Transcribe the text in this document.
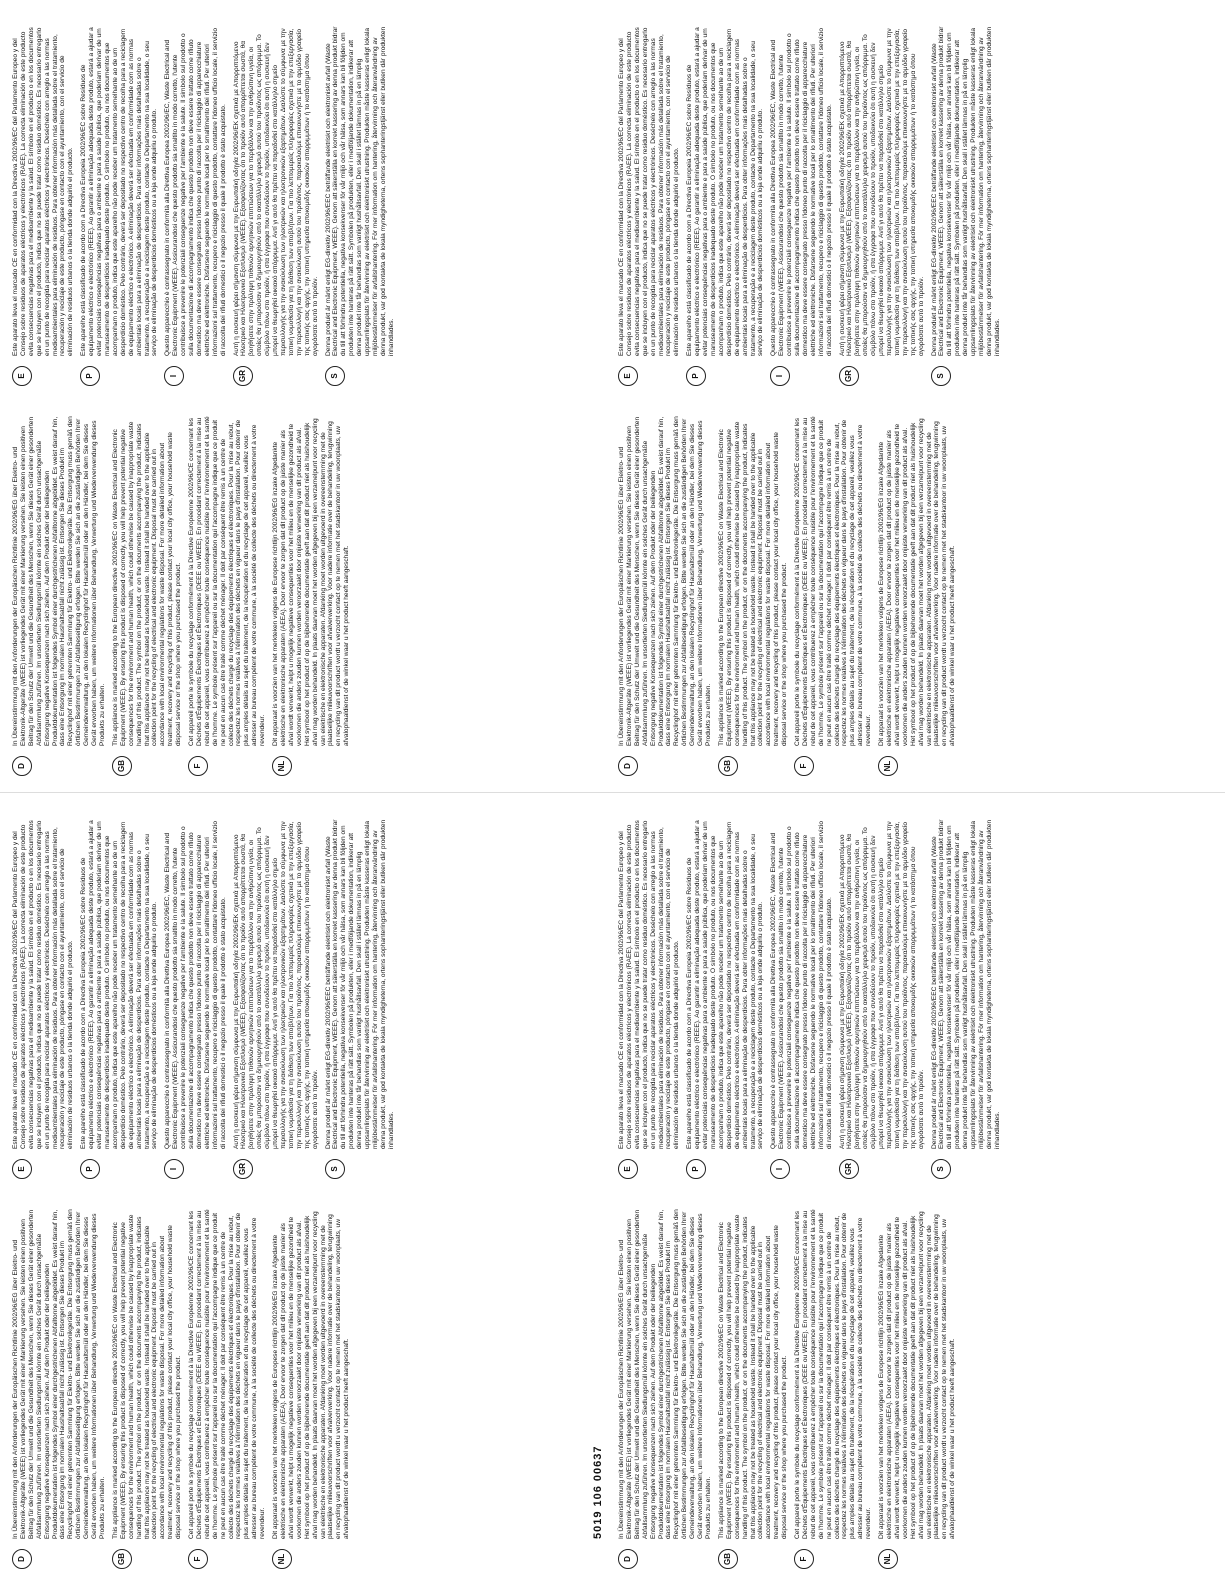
D

In Übereinstimmung mit den Anforderungen der Europäischen Richtlinie 2002/96/EG über Elektro- und Elektronik-Altgeräte (WEEE) ist vorliegendes Gerät mit einer Markierung versehen. Sie leisten einen positiven Beitrag für den Schutz der Umwelt und die Gesundheit des Menschen, wenn Sie dieses Gerät einer gesonderten Abfallsammlung zuführen. Im unsortierten Siedlungsmüll könnte ein solches Gerät durch unsachgemäße Entsorgung negative Konsequenzen nach sich ziehen. Auf dem Produkt oder der beiliegenden Produktdokumentation ist folgendes Symbol einer durchgestrichenen Abfalltonne abgebildet. Es weist darauf hin, dass eine Entsorgung im normalen Haushaltsabfall nicht zulässig ist. Entsorgen Sie dieses Produkt im Recyclinghof mit einer getrennten Sammlung für Elektro- und Elektronikgeräte. Die Entsorgung muss gemäß den örtlichen Bestimmungen zur Abfallbeseitigung erfolgen. Bitte werden Sie sich an die zuständigen Behörden Ihrer Gemeindeverwaltung, an den lokalen Recyclinghof für Haushaltsmüll oder an den Händler, bei dem Sie dieses Gerät erworben haben, um weitere Informationen über Behandlung, Verwertung und Wiederverwendung dieses Produkts zu erhalten.

GB

This appliance is marked according to the European directive 2002/96/EC on Waste Electrical and Electronic Equipment (WEEE). By ensuring this product is disposed of correctly, you will help prevent potential negative consequences for the environment and human health, which could otherwise be caused by inappropriate waste handling of this product. The symbol on the product, or on the documents accompanying the product, indicates that this appliance may not be treated as household waste. Instead it shall be handed over to the applicable collection point for the recycling of electrical and electronic equipment. Disposal must be carried out in accordance with local environmental regulations for waste disposal. For more detailed information about treatment, recovery and recycling of this product, please contact your local city office, your household waste disposal service or the shop where you purchased the product.

F

Cet appareil porte le symbole du recyclage conformément à la Directive Européenne 2002/96/CE concernant les Déchets d'Équipements Électriques et Électroniques (DEEE ou WEEE). En procédant correctement à la mise au rebut de cet appareil, vous contribuerez à empêcher toute conséquence nuisible pour l'environnement et la santé de l'homme. Le symbole présent sur l'appareil ou sur la documentation qui l'accompagne indique que ce produit ne peut en aucun cas être traité comme déchet ménager. Il doit par conséquent être remis à un centre de collecte des déchets chargé du recyclage des équipements électriques et électroniques. Pour la mise au rebut, respectez les normes relatives à l'élimination des déchets en vigueur dans le pays d'installation. Pour obtenir de plus amples détails au sujet du traitement, de la récupération et du recyclage de cet appareil, veuillez vous adresser au bureau compétent de votre commune, à la société de collecte des déchets ou directement à votre revendeur.

NL

Dit apparaat is voorzien van het merkteken volgens de Europese richtlijn 2002/96/EG inzake Afgedankte elektrische en elektronische apparaten (AEEA). Door ervoor te zorgen dat dit product op de juiste manier als afval wordt verwerkt, helpt u mogelijk negatieve consequenties voor het milieu en de menselijke gezondheid te voorkomen die anders zouden kunnen worden veroorzaakt door onjuiste verwerking van dit product als afval. Het symbool op het product of op de bijbehorende documentatie geeft aan dat dit product niet als huishoudelijk afval mag worden behandeld. In plaats daarvan moet het worden afgegeven bij een verzamelpunt voor recycling van elektrische en elektronische apparaten. Afdanking moet worden uitgevoerd in overeenstemming met de plaatselijke milieuvoorschriften voor afvalverwerking. Voor nadere informatie over de behandeling, terugwinning en recycling van dit product wordt u verzocht contact op te nemen met het stadskantoor in uw woonplaats, uw afvalophaaldienst of de winkel waar u het product heeft aangeschaft.

E

Este aparato lleva el marcado CE en conformidad con la Directiva 2002/96/EC del Parlamento Europeo y del Consejo sobre residuos de aparatos eléctricos y electrónicos (RAEE). La correcta eliminación de este producto evita consecuencias negativas para el medioambiente y la salud. El símbolo en el producto o en los documentos que se incluyen con el producto, indica que no se puede tratar como residuo doméstico. Es necesario entregarlo en un punto de recogida para reciclar aparatos eléctricos y electrónicos. Deséchelo con arreglo a las normas medioambientales para eliminación de residuos. Para obtener información más detallada sobre el tratamiento, recuperación y reciclaje de este producto, póngase en contacto con el ayuntamiento, con el servicio de eliminación de residuos urbanos o la tienda donde adquirió el producto.

P

Este aparelho está classificado de acordo com a Directiva Europeia 2002/96/EC sobre Resíduos de equipamento eléctrico e electrónico (REEE). Ao garantir a eliminação adequada deste produto, estará a ajudar a evitar potenciais consequências negativas para o ambiente e para a saúde pública, que poderiam derivar de um manuseamento de desperdícios inadequado deste produto. O símbolo no produto, ou nos documentos que acompanham o produto, indica que este aparelho não pode receber um tratamento semelhante ao de um desperdício doméstico. Pelo contrário, deverá ser depositado no respectivo centro de recolha para a reciclagem de equipamento eléctrico e electrónico. A eliminação deverá ser efectuada em conformidade com as normas ambientais locais para a eliminação de desperdícios. Para obter informações mais detalhadas sobre o tratamento, a recuperação e a reciclagem deste produto, contacte o Departamento na sua localidade, o seu serviço de eliminação de desperdícios domésticos ou a loja onde adquiriu o produto.

I

Questo apparecchio è contrassegnato in conformità alla Direttiva Europea 2002/96/EC, Waste Electrical and Electronic Equipment (WEEE). Assicurandosi che questo prodotto sia smaltito in modo corretto, l'utente contribuisce a prevenire le potenziali conseguenze negative per l'ambiente e la salute. Il simbolo sul prodotto o sulla documentazione di accompagnamento indica che questo prodotto non deve essere trattato come rifiuto domestico ma deve essere consegnato presso l'idoneo punto di raccolta per il riciclaggio di apparecchiature elettriche ed elettroniche. Disfarsene seguendo le normative locali per lo smaltimento dei rifiuti. Per ulteriori informazioni sul trattamento, recupero e riciclaggio di questo prodotto, contattare l'idoneo ufficio locale, il servizio di raccolta dei rifiuti domestici o il negozio presso il quale il prodotto è stato acquistato.

GR

Αυτή η συσκευή φέρει σήμανση σύμφωνα με την Ευρωπαϊκή οδηγία 2002/96/ΕΚ σχετικά με Απορριπτόμενο Ηλεκτρικό και Ηλεκτρονικό Εξοπλισμό (WEEE). Εξασφαλίζοντας ότι το προϊόν αυτό απορρίπτεται σωστά, θα βοηθήσετε στην πρόληψη πιθανών αρνητικών επιπτώσεων για το περιβάλλον και την ανθρώπινη υγεία, οι οποίες θα μπορούσαν να δημιουργηθούν από το ακατάλληλο χειρισμό αυτού του προϊόντος ως απόρριμμα. Το σύμβολο πάνω στο προϊόν, ή στα έγγραφα που συνοδεύουν το προϊόν, υποδεικνύει ότι αυτή η συσκευή δεν μπορεί να θεωρηθεί οικιακό απόρριμμα. Αντί γι αυτό θα πρέπει να παραδοθεί στο κατάλληλο σημείο περισυλλογής για την ανακύκλωση των ηλεκτρικών και ηλεκτρονικών εξαρτημάτων. Διαλύστε το σύμφωνα με την τοπική νομοθεσία για τη διάθεση των αποβλήτων. Για πιο λεπτομερείς πληροφορίες σχετικά με την επεξεργασία, την περισυλλογή και την ανακύκλωση αυτού του προϊόντος, παρακαλούμε επικοινωνήστε με το αρμόδιο γραφείο της τοπικής σας αρχής, την τοπική υπηρεσία αποκομιδής οικιακών απορριμμάτων ή το κατάστημα όπου αγοράσατε αυτό το προϊόν.

S

Denna produkt är märkt enligt EG-direktiv 2002/96/EEC beträffande elektriskt och elektroniskt avfall (Waste Electrical and Electronic Equipment, WEEE). Genom att säkerställa en korrekt kassering av denna produkt bidrar du till att förhindra potentiella, negativa konsekvenser för vår miljö och vår hälsa, som annars kan bli följden om produkten inte hanteras på rätt sätt. Symbolen på produkten, eller i medföljande dokumentation, indikerar att denna produkt inte får behandlas som vanligt hushållsavfall. Den skall i stället lämnas in på en lämplig uppsamlingsplats för återvinning av elektriskt och elektroniskt utrustning. Produkten måste kasseras enligt lokala miljöbestämmelser för avfallshantering. För mer information om hantering, återvinning och återanvändning av denna produkt, var god kontakta de lokala myndigheterna, ortens sophanteringstjänst eller butiken där produkten inhandlades.

D

In Übereinstimmung mit den Anforderungen der Europäischen Richtlinie 2002/96/EG über Elektro- und Elektronik-Altgeräte (WEEE) ist vorliegendes Gerät mit einer Markierung versehen. Sie leisten einen positiven Beitrag für den Schutz der Umwelt und die Gesundheit des Menschen, wenn Sie dieses Gerät einer gesonderten Abfallsammlung zuführen. Im unsortierten Siedlungsmüll könnte ein solches Gerät durch unsachgemäße Entsorgung negative Konsequenzen nach sich ziehen. Auf dem Produkt oder der beiliegenden Produktdokumentation ist folgendes Symbol einer durchgestrichenen Abfalltonne abgebildet. Es weist darauf hin, dass eine Entsorgung im normalen Haushaltsabfall nicht zulässig ist. Entsorgen Sie dieses Produkt im Recyclinghof mit einer getrennten Sammlung für Elektro- und Elektronikgeräte. Die Entsorgung muss gemäß den örtlichen Bestimmungen zur Abfallbeseitigung erfolgen. Bitte werden Sie sich an die zuständigen Behörden Ihrer Gemeindeverwaltung, an den lokalen Recyclinghof für Haushaltsmüll oder an den Händler, bei dem Sie dieses Gerät erworben haben, um weitere Informationen über Behandlung, Verwertung und Wiederverwendung dieses Produkts zu erhalten.

GB

This appliance is marked according to the European directive 2002/96/EC on Waste Electrical and Electronic Equipment (WEEE). By ensuring this product is disposed of correctly, you will help prevent potential negative consequences for the environment and human health, which could otherwise be caused by inappropriate waste handling of this product. The symbol on the product, or on the documents accompanying the product, indicates that this appliance may not be treated as household waste. Instead it shall be handed over to the applicable collection point for the recycling of electrical and electronic equipment. Disposal must be carried out in accordance with local environmental regulations for waste disposal. For more detailed information about treatment, recovery and recycling of this product, please contact your local city office, your household waste disposal service or the shop where you purchased the product.

F

Cet appareil porte le symbole du recyclage conformément à la Directive Européenne 2002/96/CE concernant les Déchets d'Équipements Électriques et Électroniques (DEEE ou WEEE). En procédant correctement à la mise au rebut de cet appareil, vous contribuerez à empêcher toute conséquence nuisible pour l'environnement et la santé de l'homme. Le symbole présent sur l'appareil ou sur la documentation qui l'accompagne indique que ce produit ne peut en aucun cas être traité comme déchet ménager. Il doit par conséquent être remis à un centre de collecte des déchets chargé du recyclage des équipements électriques et électroniques. Pour la mise au rebut, respectez les normes relatives à l'élimination des déchets en vigueur dans le pays d'installation. Pour obtenir de plus amples détails au sujet du traitement, de la récupération et du recyclage de cet appareil, veuillez vous adresser au bureau compétent de votre commune, à la société de collecte des déchets ou directement à votre revendeur.

NL

Dit apparaat is voorzien van het merkteken volgens de Europese richtlijn 2002/96/EG inzake Afgedankte elektrische en elektronische apparaten (AEEA). Door ervoor te zorgen dat dit product op de juiste manier als afval wordt verwerkt, helpt u mogelijk negatieve consequenties voor het milieu en de menselijke gezondheid te voorkomen die anders zouden kunnen worden veroorzaakt door onjuiste verwerking van dit product als afval. Het symbool op het product of op de bijbehorende documentatie geeft aan dat dit product niet als huishoudelijk afval mag worden behandeld. In plaats daarvan moet het worden afgegeven bij een verzamelpunt voor recycling van elektrische en elektronische apparaten. Afdanking moet worden uitgevoerd in overeenstemming met de plaatselijke milieuvoorschriften voor afvalverwerking. Voor nadere informatie over de behandeling, terugwinning en recycling van dit product wordt u verzocht contact op te nemen met het stadskantoor in uw woonplaats, uw afvalophaaldienst of de winkel waar u het product heeft aangeschaft.

E

Este aparato lleva el marcado CE en conformidad con la Directiva 2002/96/EC del Parlamento Europeo y del Consejo sobre residuos de aparatos eléctricos y electrónicos (RAEE). La correcta eliminación de este producto evita consecuencias negativas para el medioambiente y la salud. El símbolo en el producto o en los documentos que se incluyen con el producto, indica que no se puede tratar como residuo doméstico. Es necesario entregarlo en un punto de recogida para reciclar aparatos eléctricos y electrónicos. Deséchelo con arreglo a las normas medioambientales para eliminación de residuos. Para obtener información más detallada sobre el tratamiento, recuperación y reciclaje de este producto, póngase en contacto con el ayuntamiento, con el servicio de eliminación de residuos urbanos o la tienda donde adquirió el producto.

P

Este aparelho está classificado de acordo com a Directiva Europeia 2002/96/EC sobre Resíduos de equipamento eléctrico e electrónico (REEE). Ao garantir a eliminação adequada deste produto, estará a ajudar a evitar potenciais consequências negativas para o ambiente e para a saúde pública, que poderiam derivar de um manuseamento de desperdícios inadequado deste produto. O símbolo no produto, ou nos documentos que acompanham o produto, indica que este aparelho não pode receber um tratamento semelhante ao de um desperdício doméstico. Pelo contrário, deverá ser depositado no respectivo centro de recolha para a reciclagem de equipamento eléctrico e electrónico. A eliminação deverá ser efectuada em conformidade com as normas ambientais locais para a eliminação de desperdícios. Para obter informações mais detalhadas sobre o tratamento, a recuperação e a reciclagem deste produto, contacte o Departamento na sua localidade, o seu serviço de eliminação de desperdícios domésticos ou a loja onde adquiriu o produto.

I

Questo apparecchio è contrassegnato in conformità alla Direttiva Europea 2002/96/EC, Waste Electrical and Electronic Equipment (WEEE). Assicurandosi che questo prodotto sia smaltito in modo corretto, l'utente contribuisce a prevenire le potenziali conseguenze negative per l'ambiente e la salute. Il simbolo sul prodotto o sulla documentazione di accompagnamento indica che questo prodotto non deve essere trattato come rifiuto domestico ma deve essere consegnato presso l'idoneo punto di raccolta per il riciclaggio di apparecchiature elettriche ed elettroniche. Disfarsene seguendo le normative locali per lo smaltimento dei rifiuti. Per ulteriori informazioni sul trattamento, recupero e riciclaggio di questo prodotto, contattare l'idoneo ufficio locale, il servizio di raccolta dei rifiuti domestici o il negozio presso il quale il prodotto è stato acquistato.

GR

Αυτή η συσκευή φέρει σήμανση σύμφωνα με την Ευρωπαϊκή οδηγία 2002/96/ΕΚ σχετικά με Απορριπτόμενο Ηλεκτρικό και Ηλεκτρονικό Εξοπλισμό (WEEE). Εξασφαλίζοντας ότι το προϊόν αυτό απορρίπτεται σωστά, θα βοηθήσετε στην πρόληψη πιθανών αρνητικών επιπτώσεων για το περιβάλλον και την ανθρώπινη υγεία, οι οποίες θα μπορούσαν να δημιουργηθούν από το ακατάλληλο χειρισμό αυτού του προϊόντος ως απόρριμμα. Το σύμβολο πάνω στο προϊόν, ή στα έγγραφα που συνοδεύουν το προϊόν, υποδεικνύει ότι αυτή η συσκευή δεν μπορεί να θεωρηθεί οικιακό απόρριμμα. Αντί γι αυτό θα πρέπει να παραδοθεί στο κατάλληλο σημείο περισυλλογής για την ανακύκλωση των ηλεκτρικών και ηλεκτρονικών εξαρτημάτων. Διαλύστε το σύμφωνα με την τοπική νομοθεσία για τη διάθεση των αποβλήτων. Για πιο λεπτομερείς πληροφορίες σχετικά με την επεξεργασία, την περισυλλογή και την ανακύκλωση αυτού του προϊόντος, παρακαλούμε επικοινωνήστε με το αρμόδιο γραφείο της τοπικής σας αρχής, την τοπική υπηρεσία αποκομιδής οικιακών απορριμμάτων ή το κατάστημα όπου αγοράσατε αυτό το προϊόν.

S

Denna produkt är märkt enligt EG-direktiv 2002/96/EEC beträffande elektriskt och elektroniskt avfall (Waste Electrical and Electronic Equipment, WEEE). Genom att säkerställa en korrekt kassering av denna produkt bidrar du till att förhindra potentiella, negativa konsekvenser för vår miljö och vår hälsa, som annars kan bli följden om produkten inte hanteras på rätt sätt. Symbolen på produkten, eller i medföljande dokumentation, indikerar att denna produkt inte får behandlas som vanligt hushållsavfall. Den skall i stället lämnas in på en lämplig uppsamlingsplats för återvinning av elektriskt och elektroniskt utrustning. Produkten måste kasseras enligt lokala miljöbestämmelser för avfallshantering. För mer information om hantering, återvinning och återanvändning av denna produkt, var god kontakta de lokala myndigheterna, ortens sophanteringstjänst eller butiken där produkten inhandlades.

D

In Übereinstimmung mit den Anforderungen der Europäischen Richtlinie 2002/96/EG über Elektro- und Elektronik-Altgeräte (WEEE) ist vorliegendes Gerät mit einer Markierung versehen. Sie leisten einen positiven Beitrag für den Schutz der Umwelt und die Gesundheit des Menschen, wenn Sie dieses Gerät einer gesonderten Abfallsammlung zuführen. Im unsortierten Siedlungsmüll könnte ein solches Gerät durch unsachgemäße Entsorgung negative Konsequenzen nach sich ziehen. Auf dem Produkt oder der beiliegenden Produktdokumentation ist folgendes Symbol einer durchgestrichenen Abfalltonne abgebildet. Es weist darauf hin, dass eine Entsorgung im normalen Haushaltsabfall nicht zulässig ist. Entsorgen Sie dieses Produkt im Recyclinghof mit einer getrennten Sammlung für Elektro- und Elektronikgeräte. Die Entsorgung muss gemäß den örtlichen Bestimmungen zur Abfallbeseitigung erfolgen. Bitte werden Sie sich an die zuständigen Behörden Ihrer Gemeindeverwaltung, an den lokalen Recyclinghof für Haushaltsmüll oder an den Händler, bei dem Sie dieses Gerät erworben haben, um weitere Informationen über Behandlung, Verwertung und Wiederverwendung dieses Produkts zu erhalten.

GB

This appliance is marked according to the European directive 2002/96/EC on Waste Electrical and Electronic Equipment (WEEE). By ensuring this product is disposed of correctly, you will help prevent potential negative consequences for the environment and human health, which could otherwise be caused by inappropriate waste handling of this product. The symbol on the product, or on the documents accompanying the product, indicates that this appliance may not be treated as household waste. Instead it shall be handed over to the applicable collection point for the recycling of electrical and electronic equipment. Disposal must be carried out in accordance with local environmental regulations for waste disposal. For more detailed information about treatment, recovery and recycling of this product, please contact your local city office, your household waste disposal service or the shop where you purchased the product.

F

Cet appareil porte le symbole du recyclage conformément à la Directive Européenne 2002/96/CE concernant les Déchets d'Équipements Électriques et Électroniques (DEEE ou WEEE). En procédant correctement à la mise au rebut de cet appareil, vous contribuerez à empêcher toute conséquence nuisible pour l'environnement et la santé de l'homme. Le symbole présent sur l'appareil ou sur la documentation qui l'accompagne indique que ce produit ne peut en aucun cas être traité comme déchet ménager. Il doit par conséquent être remis à un centre de collecte des déchets chargé du recyclage des équipements électriques et électroniques. Pour la mise au rebut, respectez les normes relatives à l'élimination des déchets en vigueur dans le pays d'installation. Pour obtenir de plus amples détails au sujet du traitement, de la récupération et du recyclage de cet appareil, veuillez vous adresser au bureau compétent de votre commune, à la société de collecte des déchets ou directement à votre revendeur.

NL

Dit apparaat is voorzien van het merkteken volgens de Europese richtlijn 2002/96/EG inzake Afgedankte elektrische en elektronische apparaten (AEEA). Door ervoor te zorgen dat dit product op de juiste manier als afval wordt verwerkt, helpt u mogelijk negatieve consequenties voor het milieu en de menselijke gezondheid te voorkomen die anders zouden kunnen worden veroorzaakt door onjuiste verwerking van dit product als afval. Het symbool op het product of op de bijbehorende documentatie geeft aan dat dit product niet als huishoudelijk afval mag worden behandeld. In plaats daarvan moet het worden afgegeven bij een verzamelpunt voor recycling van elektrische en elektronische apparaten. Afdanking moet worden uitgevoerd in overeenstemming met de plaatselijke milieuvoorschriften voor afvalverwerking. Voor nadere informatie over de behandeling, terugwinning en recycling van dit product wordt u verzocht contact op te nemen met het stadskantoor in uw woonplaats, uw afvalophaaldienst of de winkel waar u het product heeft aangeschaft.

E

Este aparato lleva el marcado CE en conformidad con la Directiva 2002/96/EC del Parlamento Europeo y del Consejo sobre residuos de aparatos eléctricos y electrónicos (RAEE). La correcta eliminación de este producto evita consecuencias negativas para el medioambiente y la salud. El símbolo en el producto o en los documentos que se incluyen con el producto, indica que no se puede tratar como residuo doméstico. Es necesario entregarlo en un punto de recogida para reciclar aparatos eléctricos y electrónicos. Deséchelo con arreglo a las normas medioambientales para eliminación de residuos. Para obtener información más detallada sobre el tratamiento, recuperación y reciclaje de este producto, póngase en contacto con el ayuntamiento, con el servicio de eliminación de residuos urbanos o la tienda donde adquirió el producto.

P

Este aparelho está classificado de acordo com a Directiva Europeia 2002/96/EC sobre Resíduos de equipamento eléctrico e electrónico (REEE). Ao garantir a eliminação adequada deste produto, estará a ajudar a evitar potenciais consequências negativas para o ambiente e para a saúde pública, que poderiam derivar de um manuseamento de desperdícios inadequado deste produto. O símbolo no produto, ou nos documentos que acompanham o produto, indica que este aparelho não pode receber um tratamento semelhante ao de um desperdício doméstico. Pelo contrário, deverá ser depositado no respectivo centro de recolha para a reciclagem de equipamento eléctrico e electrónico. A eliminação deverá ser efectuada em conformidade com as normas ambientais locais para a eliminação de desperdícios. Para obter informações mais detalhadas sobre o tratamento, a recuperação e a reciclagem deste produto, contacte o Departamento na sua localidade, o seu serviço de eliminação de desperdícios domésticos ou a loja onde adquiriu o produto.

I

Questo apparecchio è contrassegnato in conformità alla Direttiva Europea 2002/96/EC, Waste Electrical and Electronic Equipment (WEEE). Assicurandosi che questo prodotto sia smaltito in modo corretto, l'utente contribuisce a prevenire le potenziali conseguenze negative per l'ambiente e la salute. Il simbolo sul prodotto o sulla documentazione di accompagnamento indica che questo prodotto non deve essere trattato come rifiuto domestico ma deve essere consegnato presso l'idoneo punto di raccolta per il riciclaggio di apparecchiature elettriche ed elettroniche. Disfarsene seguendo le normative locali per lo smaltimento dei rifiuti. Per ulteriori informazioni sul trattamento, recupero e riciclaggio di questo prodotto, contattare l'idoneo ufficio locale, il servizio di raccolta dei rifiuti domestici o il negozio presso il quale il prodotto è stato acquistato.

GR

Αυτή η συσκευή φέρει σήμανση σύμφωνα με την Ευρωπαϊκή οδηγία 2002/96/ΕΚ σχετικά με Απορριπτόμενο Ηλεκτρικό και Ηλεκτρονικό Εξοπλισμό (WEEE). Εξασφαλίζοντας ότι το προϊόν αυτό απορρίπτεται σωστά, θα βοηθήσετε στην πρόληψη πιθανών αρνητικών επιπτώσεων για το περιβάλλον και την ανθρώπινη υγεία, οι οποίες θα μπορούσαν να δημιουργηθούν από το ακατάλληλο χειρισμό αυτού του προϊόντος ως απόρριμμα. Το σύμβολο πάνω στο προϊόν, ή στα έγγραφα που συνοδεύουν το προϊόν, υποδεικνύει ότι αυτή η συσκευή δεν μπορεί να θεωρηθεί οικιακό απόρριμμα. Αντί γι αυτό θα πρέπει να παραδοθεί στο κατάλληλο σημείο περισυλλογής για την ανακύκλωση των ηλεκτρικών και ηλεκτρονικών εξαρτημάτων. Διαλύστε το σύμφωνα με την τοπική νομοθεσία για τη διάθεση των αποβλήτων. Για πιο λεπτομερείς πληροφορίες σχετικά με την επεξεργασία, την περισυλλογή και την ανακύκλωση αυτού του προϊόντος, παρακαλούμε επικοινωνήστε με το αρμόδιο γραφείο της τοπικής σας αρχής, την τοπική υπηρεσία αποκομιδής οικιακών απορριμμάτων ή το κατάστημα όπου αγοράσατε αυτό το προϊόν.

S

Denna produkt är märkt enligt EG-direktiv 2002/96/EEC beträffande elektriskt och elektroniskt avfall (Waste Electrical and Electronic Equipment, WEEE). Genom att säkerställa en korrekt kassering av denna produkt bidrar du till att förhindra potentiella, negativa konsekvenser för vår miljö och vår hälsa, som annars kan bli följden om produkten inte hanteras på rätt sätt. Symbolen på produkten, eller i medföljande dokumentation, indikerar att denna produkt inte får behandlas som vanligt hushållsavfall. Den skall i stället lämnas in på en lämplig uppsamlingsplats för återvinning av elektriskt och elektroniskt utrustning. Produkten måste kasseras enligt lokala miljöbestämmelser för avfallshantering. För mer information om hantering, återvinning och återanvändning av denna produkt, var god kontakta de lokala myndigheterna, ortens sophanteringstjänst eller butiken där produkten inhandlades.

5019 106 00637
D

In Übereinstimmung mit den Anforderungen der Europäischen Richtlinie 2002/96/EG über Elektro- und Elektronik-Altgeräte (WEEE) ist vorliegendes Gerät mit einer Markierung versehen. Sie leisten einen positiven Beitrag für den Schutz der Umwelt und die Gesundheit des Menschen, wenn Sie dieses Gerät einer gesonderten Abfallsammlung zuführen. Im unsortierten Siedlungsmüll könnte ein solches Gerät durch unsachgemäße Entsorgung negative Konsequenzen nach sich ziehen. Auf dem Produkt oder der beiliegenden Produktdokumentation ist folgendes Symbol einer durchgestrichenen Abfalltonne abgebildet. Es weist darauf hin, dass eine Entsorgung im normalen Haushaltsabfall nicht zulässig ist. Entsorgen Sie dieses Produkt im Recyclinghof mit einer getrennten Sammlung für Elektro- und Elektronikgeräte. Die Entsorgung muss gemäß den örtlichen Bestimmungen zur Abfallbeseitigung erfolgen. Bitte werden Sie sich an die zuständigen Behörden Ihrer Gemeindeverwaltung, an den lokalen Recyclinghof für Haushaltsmüll oder an den Händler, bei dem Sie dieses Gerät erworben haben, um weitere Informationen über Behandlung, Verwertung und Wiederverwendung dieses Produkts zu erhalten.

GB

This appliance is marked according to the European directive 2002/96/EC on Waste Electrical and Electronic Equipment (WEEE). By ensuring this product is disposed of correctly, you will help prevent potential negative consequences for the environment and human health, which could otherwise be caused by inappropriate waste handling of this product. The symbol on the product, or on the documents accompanying the product, indicates that this appliance may not be treated as household waste. Instead it shall be handed over to the applicable collection point for the recycling of electrical and electronic equipment. Disposal must be carried out in accordance with local environmental regulations for waste disposal. For more detailed information about treatment, recovery and recycling of this product, please contact your local city office, your household waste disposal service or the shop where you purchased the product.

F

Cet appareil porte le symbole du recyclage conformément à la Directive Européenne 2002/96/CE concernant les Déchets d'Équipements Électriques et Électroniques (DEEE ou WEEE). En procédant correctement à la mise au rebut de cet appareil, vous contribuerez à empêcher toute conséquence nuisible pour l'environnement et la santé de l'homme. Le symbole présent sur l'appareil ou sur la documentation qui l'accompagne indique que ce produit ne peut en aucun cas être traité comme déchet ménager. Il doit par conséquent être remis à un centre de collecte des déchets chargé du recyclage des équipements électriques et électroniques. Pour la mise au rebut, respectez les normes relatives à l'élimination des déchets en vigueur dans le pays d'installation. Pour obtenir de plus amples détails au sujet du traitement, de la récupération et du recyclage de cet appareil, veuillez vous adresser au bureau compétent de votre commune, à la société de collecte des déchets ou directement à votre revendeur.

NL

Dit apparaat is voorzien van het merkteken volgens de Europese richtlijn 2002/96/EG inzake Afgedankte elektrische en elektronische apparaten (AEEA). Door ervoor te zorgen dat dit product op de juiste manier als afval wordt verwerkt, helpt u mogelijk negatieve consequenties voor het milieu en de menselijke gezondheid te voorkomen die anders zouden kunnen worden veroorzaakt door onjuiste verwerking van dit product als afval. Het symbool op het product of op de bijbehorende documentatie geeft aan dat dit product niet als huishoudelijk afval mag worden behandeld. In plaats daarvan moet het worden afgegeven bij een verzamelpunt voor recycling van elektrische en elektronische apparaten. Afdanking moet worden uitgevoerd in overeenstemming met de plaatselijke milieuvoorschriften voor afvalverwerking. Voor nadere informatie over de behandeling, terugwinning en recycling van dit product wordt u verzocht contact op te nemen met het stadskantoor in uw woonplaats, uw afvalophaaldienst of de winkel waar u het product heeft aangeschaft.

E

Este aparato lleva el marcado CE en conformidad con la Directiva 2002/96/EC del Parlamento Europeo y del Consejo sobre residuos de aparatos eléctricos y electrónicos (RAEE). La correcta eliminación de este producto evita consecuencias negativas para el medioambiente y la salud. El símbolo en el producto o en los documentos que se incluyen con el producto, indica que no se puede tratar como residuo doméstico. Es necesario entregarlo en un punto de recogida para reciclar aparatos eléctricos y electrónicos. Deséchelo con arreglo a las normas medioambientales para eliminación de residuos. Para obtener información más detallada sobre el tratamiento, recuperación y reciclaje de este producto, póngase en contacto con el ayuntamiento, con el servicio de eliminación de residuos urbanos o la tienda donde adquirió el producto.

P

Este aparelho está classificado de acordo com a Directiva Europeia 2002/96/EC sobre Resíduos de equipamento eléctrico e electrónico (REEE). Ao garantir a eliminação adequada deste produto, estará a ajudar a evitar potenciais consequências negativas para o ambiente e para a saúde pública, que poderiam derivar de um manuseamento de desperdícios inadequado deste produto. O símbolo no produto, ou nos documentos que acompanham o produto, indica que este aparelho não pode receber um tratamento semelhante ao de um desperdício doméstico. Pelo contrário, deverá ser depositado no respectivo centro de recolha para a reciclagem de equipamento eléctrico e electrónico. A eliminação deverá ser efectuada em conformidade com as normas ambientais locais para a eliminação de desperdícios. Para obter informações mais detalhadas sobre o tratamento, a recuperação e a reciclagem deste produto, contacte o Departamento na sua localidade, o seu serviço de eliminação de desperdícios domésticos ou a loja onde adquiriu o produto.

I

Questo apparecchio è contrassegnato in conformità alla Direttiva Europea 2002/96/EC, Waste Electrical and Electronic Equipment (WEEE). Assicurandosi che questo prodotto sia smaltito in modo corretto, l'utente contribuisce a prevenire le potenziali conseguenze negative per l'ambiente e la salute. Il simbolo sul prodotto o sulla documentazione di accompagnamento indica che questo prodotto non deve essere trattato come rifiuto domestico ma deve essere consegnato presso l'idoneo punto di raccolta per il riciclaggio di apparecchiature elettriche ed elettroniche. Disfarsene seguendo le normative locali per lo smaltimento dei rifiuti. Per ulteriori informazioni sul trattamento, recupero e riciclaggio di questo prodotto, contattare l'idoneo ufficio locale, il servizio di raccolta dei rifiuti domestici o il negozio presso il quale il prodotto è stato acquistato.

GR

Αυτή η συσκευή φέρει σήμανση σύμφωνα με την Ευρωπαϊκή οδηγία 2002/96/ΕΚ σχετικά με Απορριπτόμενο Ηλεκτρικό και Ηλεκτρονικό Εξοπλισμό (WEEE). Εξασφαλίζοντας ότι το προϊόν αυτό απορρίπτεται σωστά, θα βοηθήσετε στην πρόληψη πιθανών αρνητικών επιπτώσεων για το περιβάλλον και την ανθρώπινη υγεία, οι οποίες θα μπορούσαν να δημιουργηθούν από το ακατάλληλο χειρισμό αυτού του προϊόντος ως απόρριμμα. Το σύμβολο πάνω στο προϊόν, ή στα έγγραφα που συνοδεύουν το προϊόν, υποδεικνύει ότι αυτή η συσκευή δεν μπορεί να θεωρηθεί οικιακό απόρριμμα. Αντί γι αυτό θα πρέπει να παραδοθεί στο κατάλληλο σημείο περισυλλογής για την ανακύκλωση των ηλεκτρικών και ηλεκτρονικών εξαρτημάτων. Διαλύστε το σύμφωνα με την τοπική νομοθεσία για τη διάθεση των αποβλήτων. Για πιο λεπτομερείς πληροφορίες σχετικά με την επεξεργασία, την περισυλλογή και την ανακύκλωση αυτού του προϊόντος, παρακαλούμε επικοινωνήστε με το αρμόδιο γραφείο της τοπικής σας αρχής, την τοπική υπηρεσία αποκομιδής οικιακών απορριμμάτων ή το κατάστημα όπου αγοράσατε αυτό το προϊόν.

S

Denna produkt är märkt enligt EG-direktiv 2002/96/EEC beträffande elektriskt och elektroniskt avfall (Waste Electrical and Electronic Equipment, WEEE). Genom att säkerställa en korrekt kassering av denna produkt bidrar du till att förhindra potentiella, negativa konsekvenser för vår miljö och vår hälsa, som annars kan bli följden om produkten inte hanteras på rätt sätt. Symbolen på produkten, eller i medföljande dokumentation, indikerar att denna produkt inte får behandlas som vanligt hushållsavfall. Den skall i stället lämnas in på en lämplig uppsamlingsplats för återvinning av elektriskt och elektroniskt utrustning. Produkten måste kasseras enligt lokala miljöbestämmelser för avfallshantering. För mer information om hantering, återvinning och återanvändning av denna produkt, var god kontakta de lokala myndigheterna, ortens sophanteringstjänst eller butiken där produkten inhandlades.
